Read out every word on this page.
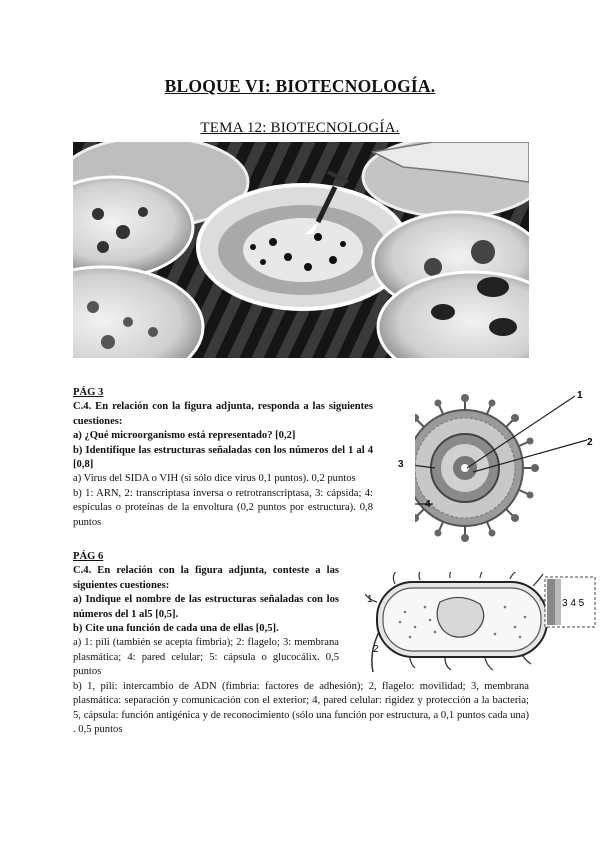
BLOQUE VI: BIOTECNOLOGÍA.
TEMA 12: BIOTECNOLOGÍA.
PÁG 3
C.4. En relación con la figura adjunta, responda a las siguientes cuestiones:
a) ¿Qué microorganismo está representado? [0,2]
b) Identifique las estructuras señaladas con los números del 1 al 4 [0,8]
a) Virus del SIDA o VIH (si sólo dice virus 0,1 puntos). 0,2 puntos
b) 1: ARN, 2: transcriptasa inversa o retrotranscriptasa, 3: cápsida; 4: espículas o proteínas de la envoltura (0,2 puntos por estructura). 0,8 puntos
1
2
3
4
PÁG 6
C.4. En relación con la figura adjunta, conteste a las siguientes cuestiones:
a) Indique el nombre de las estructuras señaladas con los números del 1 al5 [0,5].
b) Cite una función de cada una de ellas [0,5].
a) 1: pili (también se acepta fimbria); 2: flagelo; 3: membrana plasmática; 4: pared celular; 5: cápsula o glucocálix. 0,5 puntos
b) 1, pili: intercambio de ADN (fimbria: factores de adhesión); 2, flagelo: movilidad; 3, membrana plasmática: separación y comunicación con el exterior; 4, pared celular: rigidez y protección a la bacteria; 5, cápsula: función antigénica y de reconocimiento (sólo una función por estructura, a 0,1 puntos cada una) . 0,5 puntos
3 4 5
1
2
